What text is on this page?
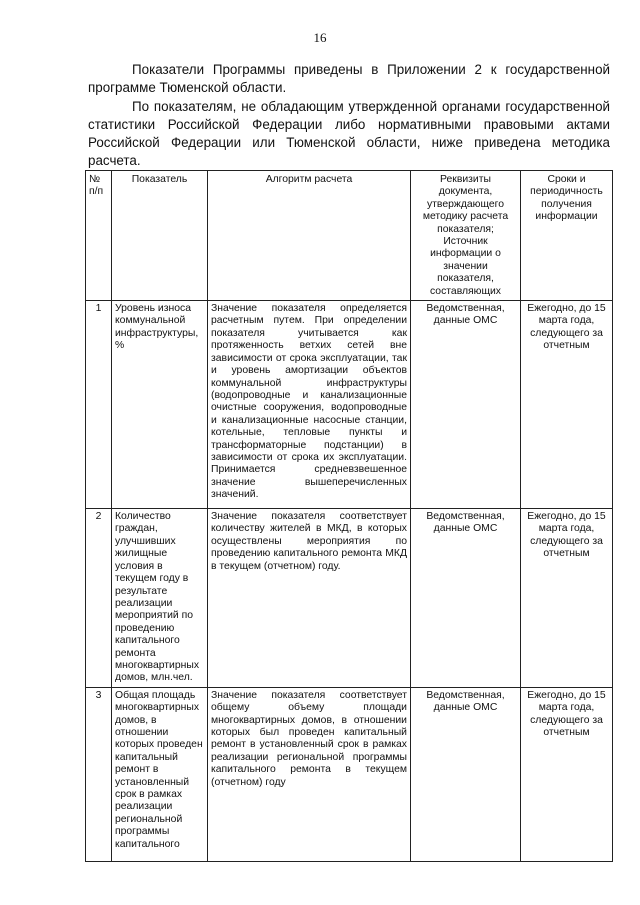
16

Показатели Программы приведены в Приложении 2 к государственной программе Тюменской области.

По показателям, не обладающим утвержденной органами государственной статистики Российской Федерации либо нормативными правовыми актами Российской Федерации или Тюменской области, ниже приведена методика расчета.

№ п/п	Показатель	Алгоритм расчета	Реквизиты документа, утверждающего методику расчета показателя; Источник информации о значении показателя, составляющих	Сроки и периодичность получения информации
1	Уровень износа коммунальной инфраструктуры, %	Значение показателя определяется расчетным путем. При определении показателя учитывается как протяженность ветхих сетей вне зависимости от срока эксплуатации, так и уровень амортизации объектов коммунальной инфраструктуры (водопроводные и канализационные очистные сооружения, водопроводные и канализационные насосные станции, котельные, тепловые пункты и трансформаторные подстанции) в зависимости от срока их эксплуатации. Принимается средневзвешенное значение вышеперечисленных значений.	Ведомственная, данные ОМС	Ежегодно, до 15 марта года, следующего за отчетным
2	Количество граждан, улучшивших жилищные условия в текущем году в результате реализации мероприятий по проведению капитального ремонта многоквартирных домов, млн.чел.	Значение показателя соответствует количеству жителей в МКД, в которых осуществлены мероприятия по проведению капитального ремонта МКД в текущем (отчетном) году.	Ведомственная, данные ОМС	Ежегодно, до 15 марта года, следующего за отчетным
3	Общая площадь многоквартирных домов, в отношении которых проведен капитальный ремонт в установленный срок в рамках реализации региональной программы капитального	Значение показателя соответствует общему объему площади многоквартирных домов, в отношении которых был проведен капитальный ремонт в установленный срок в рамках реализации региональной программы капитального ремонта в текущем (отчетном) году	Ведомственная, данные ОМС	Ежегодно, до 15 марта года, следующего за отчетным
